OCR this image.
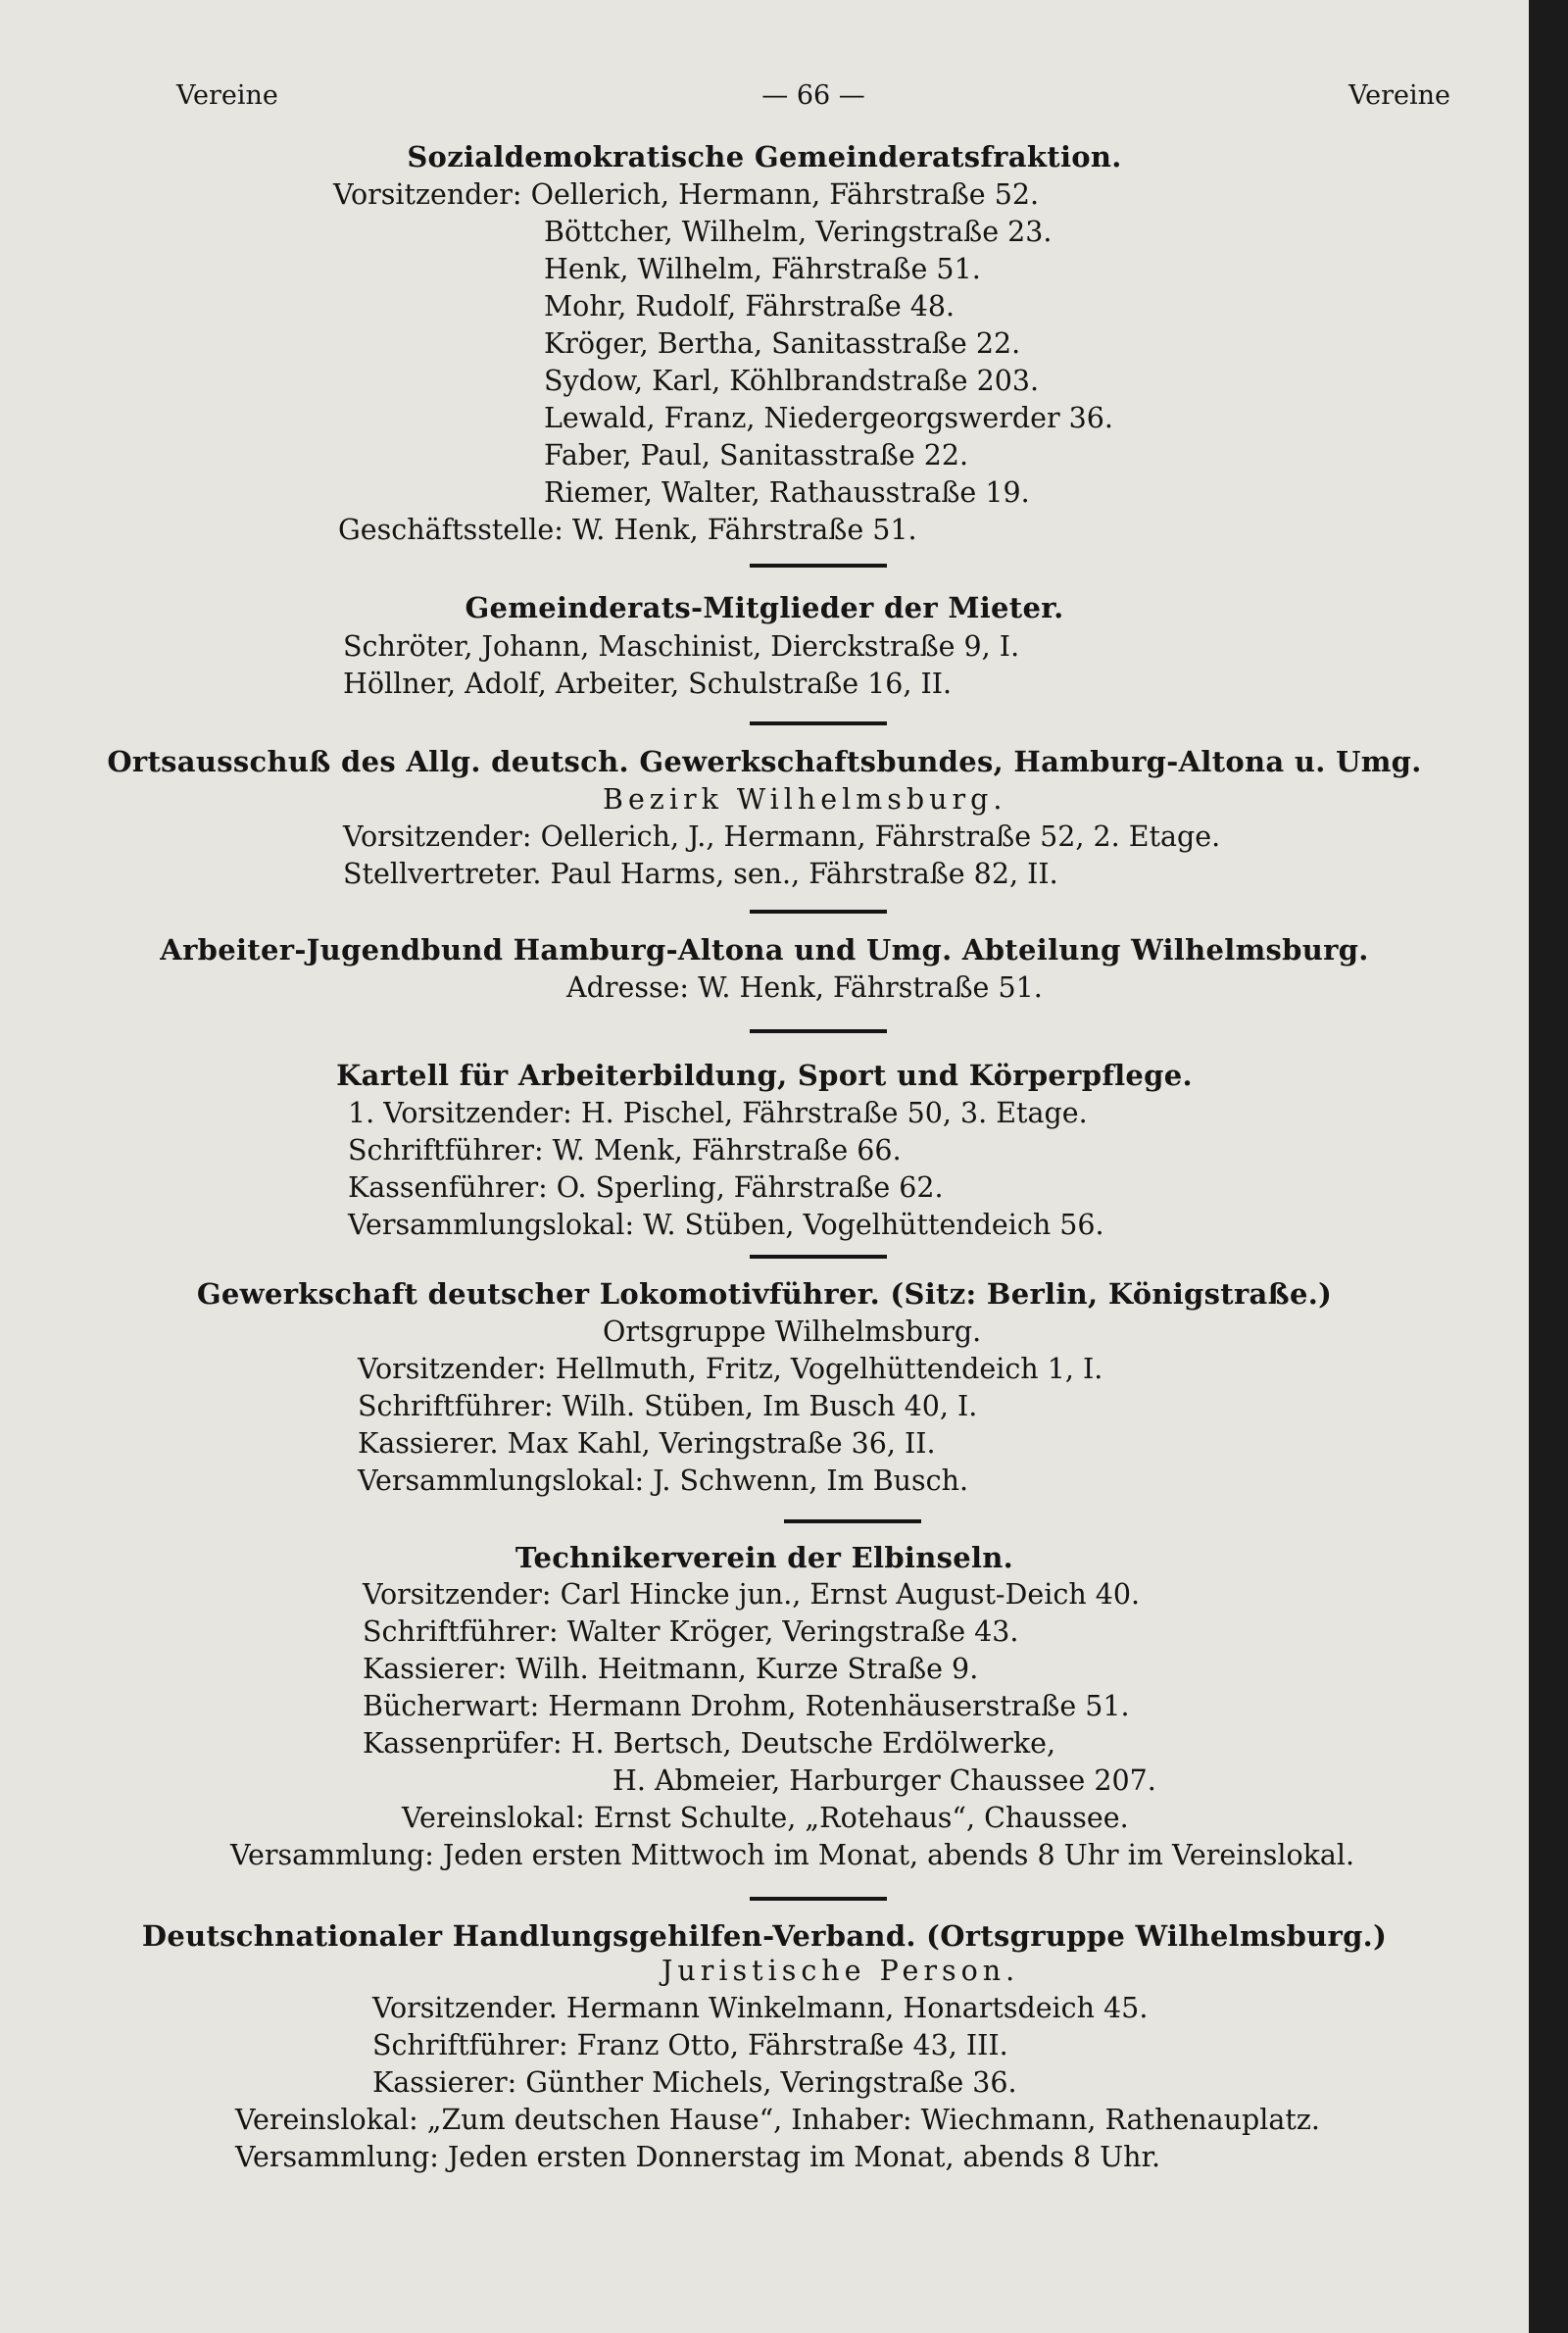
Vereine	— 66 —	Vereine
Sozialdemokratische Gemeinderatsfraktion.
Vorsitzender: Oellerich, Hermann, Fährstraße 52.
Böttcher, Wilhelm, Veringstraße 23.
Henk, Wilhelm, Fährstraße 51.
Mohr, Rudolf, Fährstraße 48.
Kröger, Bertha, Sanitasstraße 22.
Sydow, Karl, Köhlbrandstraße 203.
Lewald, Franz, Niedergeorgswerder 36.
Faber, Paul, Sanitasstraße 22.
Riemer, Walter, Rathausstraße 19.
Geschäftsstelle: W. Henk, Fährstraße 51.
Gemeinderats-Mitglieder der Mieter.
Schröter, Johann, Maschinist, Dierckstraße 9, I.
Höllner, Adolf, Arbeiter, Schulstraße 16, II.
Ortsausschuß des Allg. deutsch. Gewerkschaftsbundes, Hamburg-Altona u. Umg.
Bezirk Wilhelmsburg.
Vorsitzender: Oellerich, J., Hermann, Fährstraße 52, 2. Etage.
Stellvertreter. Paul Harms, sen., Fährstraße 82, II.
Arbeiter-Jugendbund Hamburg-Altona und Umg. Abteilung Wilhelmsburg.
Adresse: W. Henk, Fährstraße 51.
Kartell für Arbeiterbildung, Sport und Körperpflege.
1. Vorsitzender: H. Pischel, Fährstraße 50, 3. Etage.
Schriftführer: W. Menk, Fährstraße 66.
Kassenführer: O. Sperling, Fährstraße 62.
Versammlungslokal: W. Stüben, Vogelhüttendeich 56.
Gewerkschaft deutscher Lokomotivführer. (Sitz: Berlin, Königstraße.)
Ortsgruppe Wilhelmsburg.
Vorsitzender: Hellmuth, Fritz, Vogelhüttendeich 1, I.
Schriftführer: Wilh. Stüben, Im Busch 40, I.
Kassierer. Max Kahl, Veringstraße 36, II.
Versammlungslokal: J. Schwenn, Im Busch.
Technikerverein der Elbinseln.
Vorsitzender: Carl Hincke jun., Ernst August-Deich 40.
Schriftführer: Walter Kröger, Veringstraße 43.
Kassierer: Wilh. Heitmann, Kurze Straße 9.
Bücherwart: Hermann Drohm, Rotenhäuserstraße 51.
Kassenprüfer: H. Bertsch, Deutsche Erdölwerke,
H. Abmeier, Harburger Chaussee 207.
Vereinslokal: Ernst Schulte, „Rotehaus“, Chaussee.
Versammlung: Jeden ersten Mittwoch im Monat, abends 8 Uhr im Vereinslokal.
Deutschnationaler Handlungsgehilfen-Verband. (Ortsgruppe Wilhelmsburg.)
Juristische Person.
Vorsitzender. Hermann Winkelmann, Honartsdeich 45.
Schriftführer: Franz Otto, Fährstraße 43, III.
Kassierer: Günther Michels, Veringstraße 36.
Vereinslokal: „Zum deutschen Hause“, Inhaber: Wiechmann, Rathenauplatz.
Versammlung: Jeden ersten Donnerstag im Monat, abends 8 Uhr.
